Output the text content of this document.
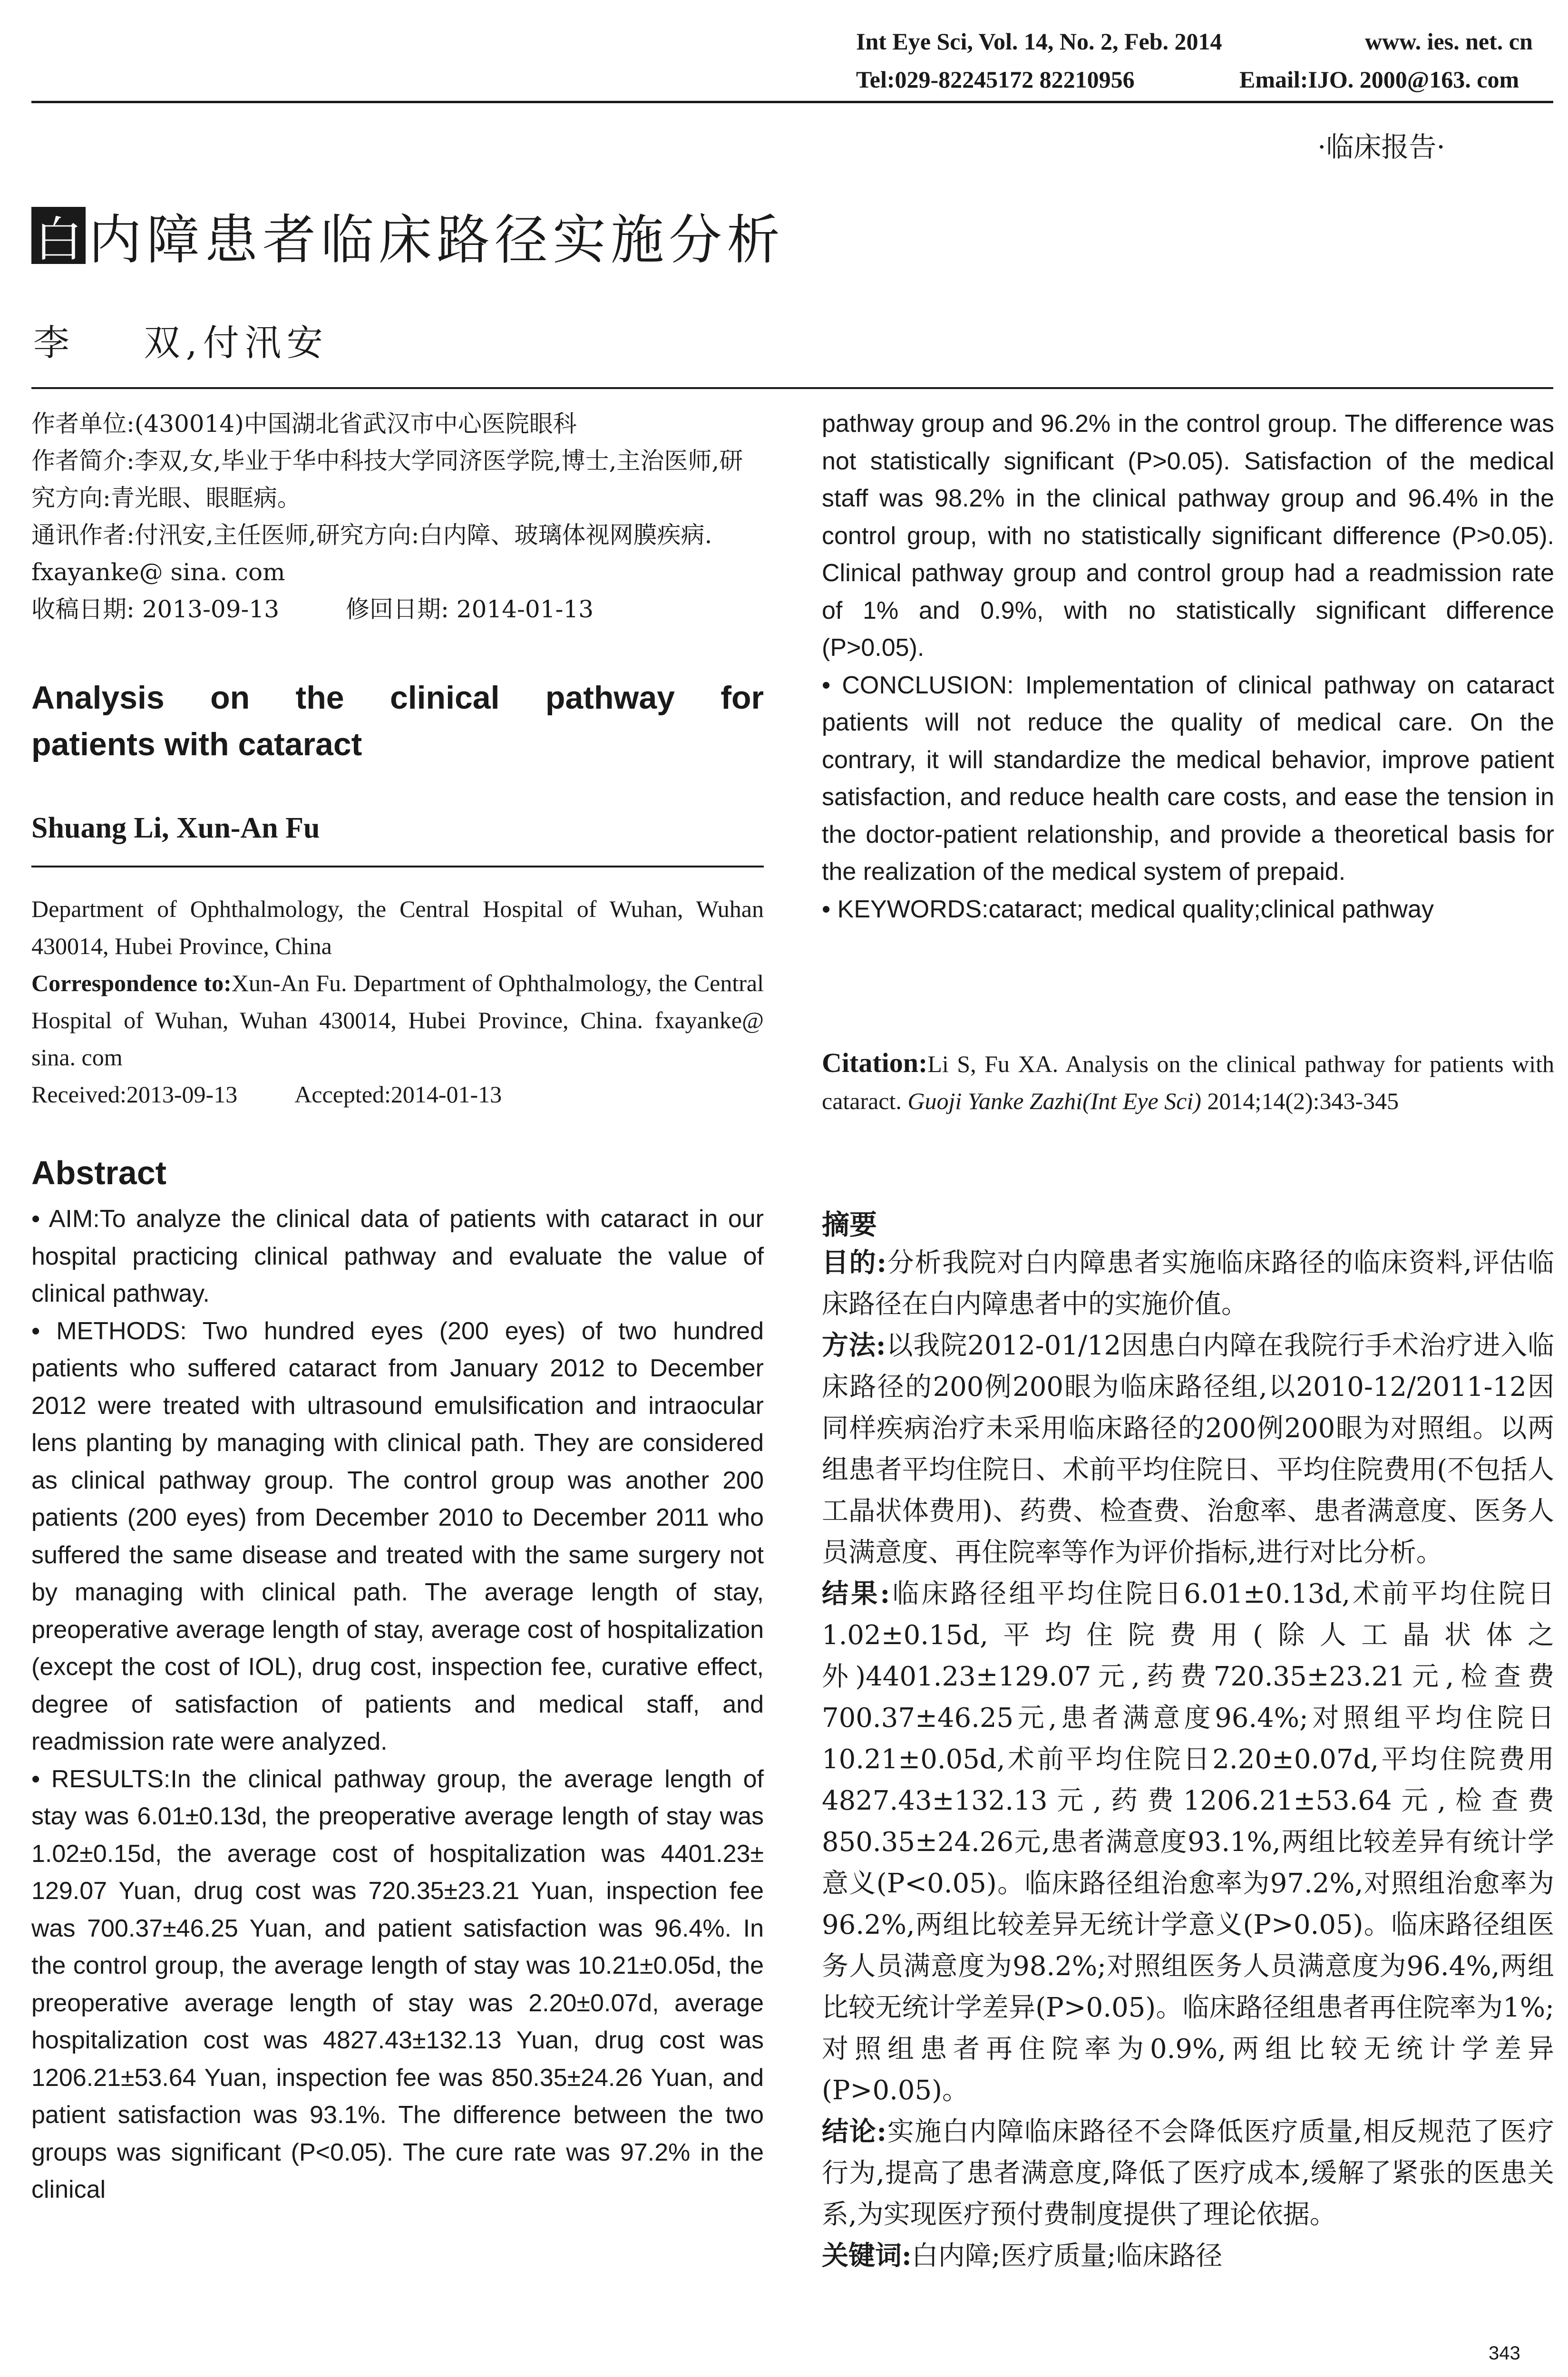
Int Eye Sci, Vol. 14, No. 2, Feb. 2014	www. ies. net. cn
Tel:029-82245172 82210956	Email:IJO. 2000@163. com
·临床报告·
白 内障患者临床路径实施分析
李    双,付汛安

作者单位:(430014)中国湖北省武汉市中心医院眼科

作者简介:李双,女,毕业于华中科技大学同济医学院,博士,主治医师,研究方向:青光眼、眼眶病。

通讯作者:付汛安,主任医师,研究方向:白内障、玻璃体视网膜疾病. fxayanke@ sina. com

收稿日期: 2013-09-13	修回日期: 2014-01-13

Analysis on the clinical pathway for
patients with cataract
Shuang Li, Xun-An Fu

Department of Ophthalmology, the Central Hospital of Wuhan, Wuhan 430014, Hubei Province, China

Correspondence to:Xun-An Fu. Department of Ophthalmology, the Central Hospital of Wuhan, Wuhan 430014, Hubei Province, China. fxayanke@ sina. com

Received:2013-09-13 Accepted:2014-01-13

Abstract

• AIM:To analyze the clinical data of patients with cataract in our hospital practicing clinical pathway and evaluate the value of clinical pathway.

• METHODS: Two hundred eyes (200 eyes) of two hundred patients who suffered cataract from January 2012 to December 2012 were treated with ultrasound emulsification and intraocular lens planting by managing with clinical path. They are considered as clinical pathway group. The control group was another 200 patients (200 eyes) from December 2010 to December 2011 who suffered the same disease and treated with the same surgery not by managing with clinical path. The average length of stay, preoperative average length of stay, average cost of hospitalization (except the cost of IOL), drug cost, inspection fee, curative effect, degree of satisfaction of patients and medical staff, and readmission rate were analyzed.

• RESULTS:In the clinical pathway group, the average length of stay was 6.01±0.13d, the preoperative average length of stay was 1.02±0.15d, the average cost of hospitalization was 4401.23± 129.07 Yuan, drug cost was 720.35±23.21 Yuan, inspection fee was 700.37±46.25 Yuan, and patient satisfaction was 96.4%. In the control group, the average length of stay was 10.21±0.05d, the preoperative average length of stay was 2.20±0.07d, average hospitalization cost was 4827.43±132.13 Yuan, drug cost was 1206.21±53.64 Yuan, inspection fee was 850.35±24.26 Yuan, and patient satisfaction was 93.1%. The difference between the two groups was significant (P<0.05). The cure rate was 97.2% in the clinical

pathway group and 96.2% in the control group. The difference was not statistically significant (P>0.05). Satisfaction of the medical staff was 98.2% in the clinical pathway group and 96.4% in the control group, with no statistically significant difference (P>0.05). Clinical pathway group and control group had a readmission rate of 1% and 0.9%, with no statistically significant difference (P>0.05).

• CONCLUSION: Implementation of clinical pathway on cataract patients will not reduce the quality of medical care. On the contrary, it will standardize the medical behavior, improve patient satisfaction, and reduce health care costs, and ease the tension in the doctor-patient relationship, and provide a theoretical basis for the realization of the medical system of prepaid.

• KEYWORDS:cataract; medical quality;clinical pathway

Citation:Li S, Fu XA. Analysis on the clinical pathway for patients with cataract. Guoji Yanke Zazhi(Int Eye Sci) 2014;14(2):343-345
摘要

目的:分析我院对白内障患者实施临床路径的临床资料,评估临床路径在白内障患者中的实施价值。

方法:以我院2012-01/12因患白内障在我院行手术治疗进入临床路径的200例200眼为临床路径组,以2010-12/2011-12因同样疾病治疗未采用临床路径的200例200眼为对照组。以两组患者平均住院日、术前平均住院日、平均住院费用(不包括人工晶状体费用)、药费、检查费、治愈率、患者满意度、医务人员满意度、再住院率等作为评价指标,进行对比分析。

结果:临床路径组平均住院日6.01±0.13d,术前平均住院日1.02±0.15d,平均住院费用(除人工晶状体之外)4401.23±129.07元,药费720.35±23.21元,检查费700.37±46.25元,患者满意度96.4%;对照组平均住院日10.21±0.05d,术前平均住院日2.20±0.07d,平均住院费用4827.43±132.13元,药费1206.21±53.64元,检查费850.35±24.26元,患者满意度93.1%,两组比较差异有统计学意义(P<0.05)。临床路径组治愈率为97.2%,对照组治愈率为96.2%,两组比较差异无统计学意义(P>0.05)。临床路径组医务人员满意度为98.2%;对照组医务人员满意度为96.4%,两组比较无统计学差异(P>0.05)。临床路径组患者再住院率为1%;对照组患者再住院率为0.9%,两组比较无统计学差异(P>0.05)。

结论:实施白内障临床路径不会降低医疗质量,相反规范了医疗行为,提高了患者满意度,降低了医疗成本,缓解了紧张的医患关系,为实现医疗预付费制度提供了理论依据。

关键词:白内障;医疗质量;临床路径

343
